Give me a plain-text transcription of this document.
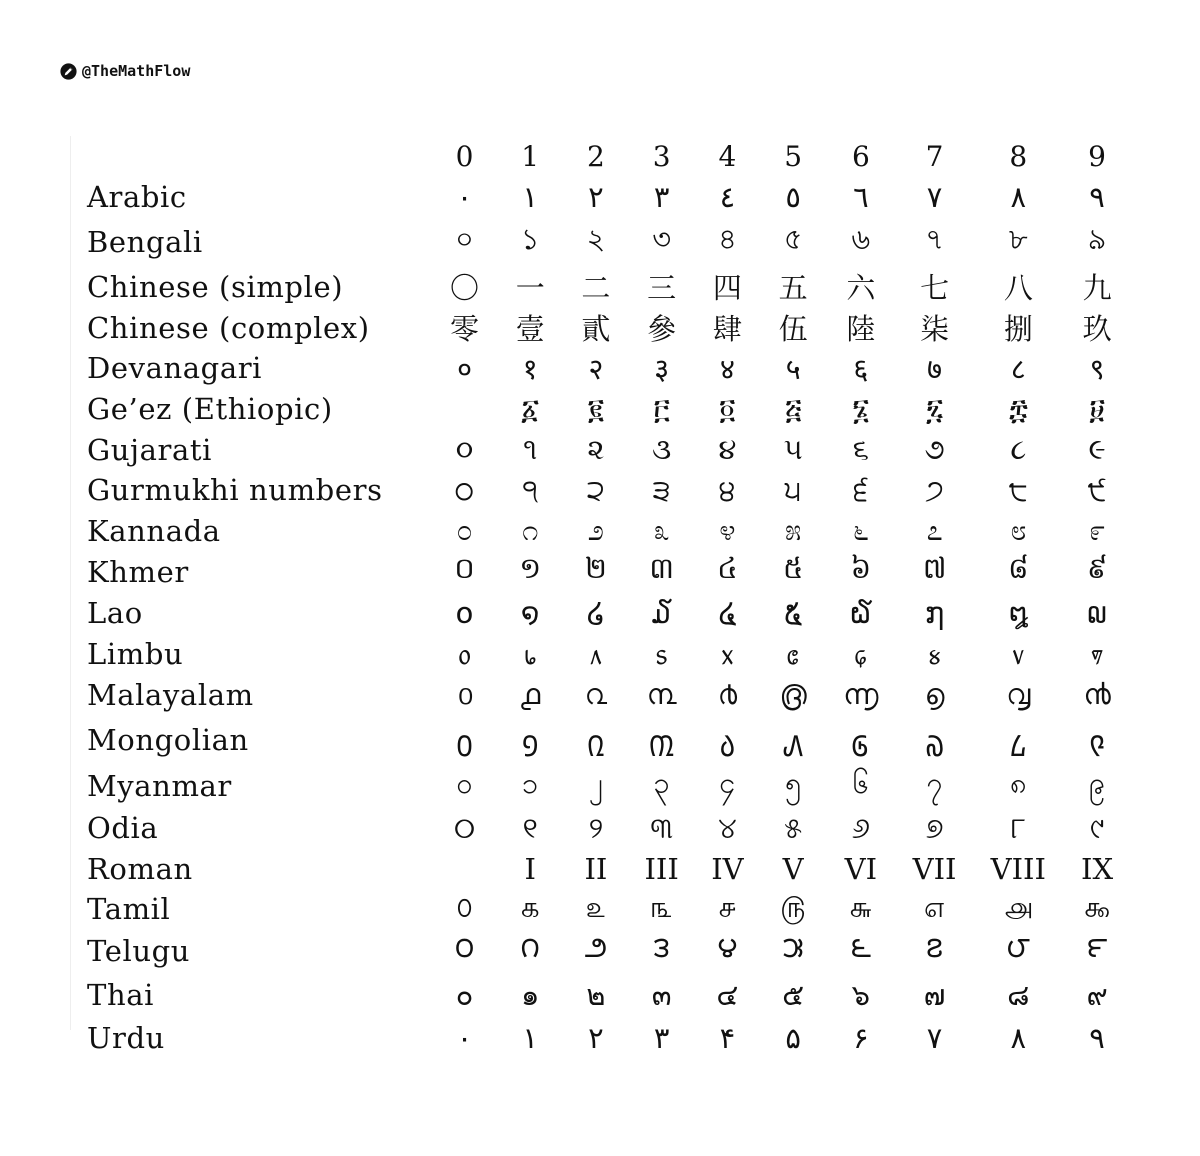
@TheMathFlow
	0	1	2	3	4	5	6	7	8	9
Arabic	٠	١	٢	٣	٤	٥	٦	٧	٨	٩
Bengali	০	১	২	৩	৪	৫	৬	৭	৮	৯
Chinese (simple)	〇	一	二	三	四	五	六	七	八	九
Chinese (complex)	零	壹	貳	參	肆	伍	陸	柒	捌	玖
Devanagari	०	१	२	३	४	५	६	७	८	९
Ge’ez (Ethiopic)		፩	፪	፫	፬	፭	፮	፯	፰	፱
Gujarati	૦	૧	૨	૩	૪	૫	૬	૭	૮	૯
Gurmukhi numbers	੦	੧	੨	੩	੪	੫	੬	੭	੮	੯
Kannada	೦	೧	೨	೩	೪	೫	೬	೭	೮	೯
Khmer	០	១	២	៣	៤	៥	៦	៧	៨	៩
Lao	໐	໑	໒	໓	໔	໕	໖	໗	໘	໙
Limbu	᥆	᥇	᥈	᥉	᥊	᥋	᥌	᥍	᥎	᥏
Malayalam	൦	൧	൨	൩	൪	൫	൬	൭	൮	൯
Mongolian	᠐	᠑	᠒	᠓	᠔	᠕	᠖	᠗	᠘	᠙
Myanmar	၀	၁	၂	၃	၄	၅	၆	၇	၈	၉
Odia	୦	୧	୨	୩	୪	୫	୬	୭	୮	୯
Roman		I	II	III	IV	V	VI	VII	VIII	IX
Tamil	௦	௧	௨	௩	௪	௫	௬	௭	௮	௯
Telugu	౦	౧	౨	౩	౪	౫	౬	౭	౮	౯
Thai	๐	๑	๒	๓	๔	๕	๖	๗	๘	๙
Urdu	۰	۱	۲	۳	۴	۵	۶	۷	۸	۹
